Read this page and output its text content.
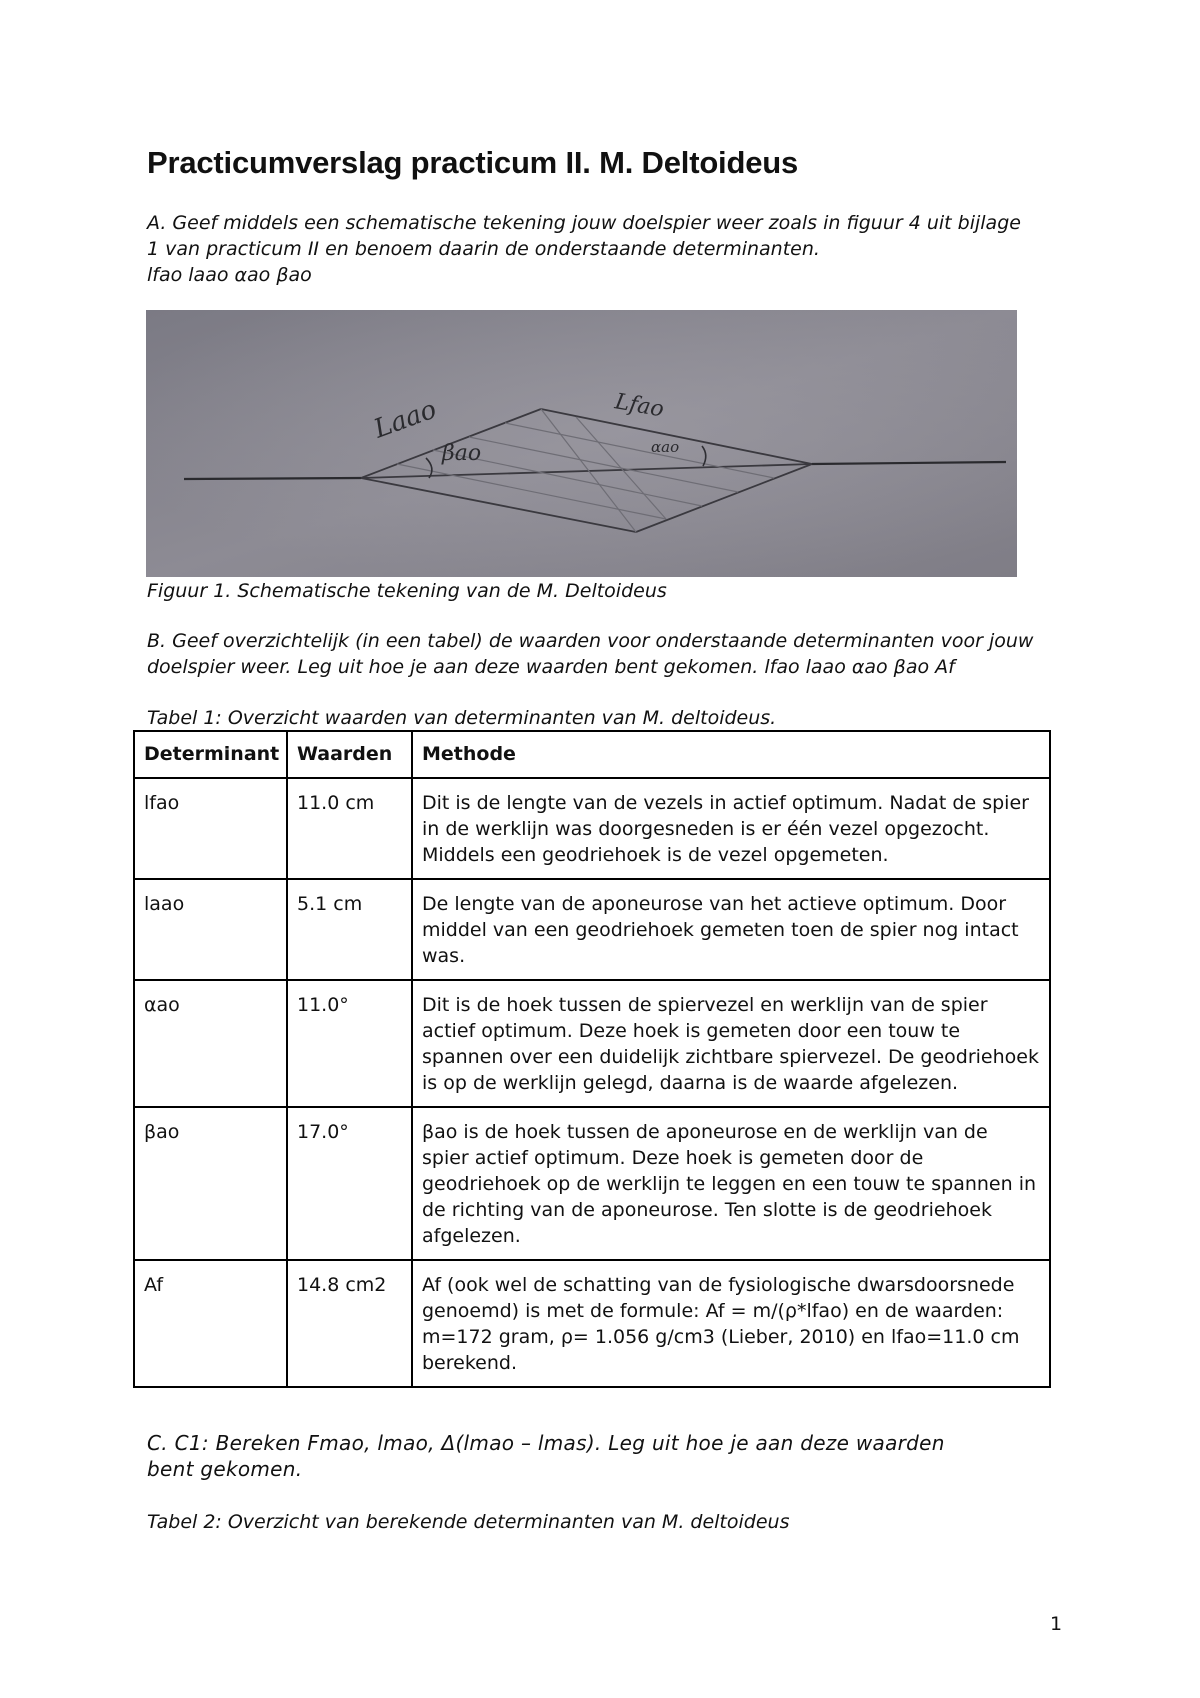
Practicumverslag practicum II. M. Deltoideus
A. Geef middels een schematische tekening jouw doelspier weer zoals in figuur 4 uit bijlage
1 van practicum II en benoem daarin de onderstaande determinanten.
lfao laao αao βao
Laao	Lfao
βao	αao
Figuur 1. Schematische tekening van de M. Deltoideus
B. Geef overzichtelijk (in een tabel) de waarden voor onderstaande determinanten voor jouw
doelspier weer. Leg uit hoe je aan deze waarden bent gekomen. lfao laao αao βao Af
Tabel 1: Overzicht waarden van determinanten van M. deltoideus.
Determinant	Waarden	Methode
lfao	11.0 cm	Dit is de lengte van de vezels in actief optimum. Nadat de spier in de werklijn was doorgesneden is er één vezel opgezocht. Middels een geodriehoek is de vezel opgemeten.
laao	5.1 cm	De lengte van de aponeurose van het actieve optimum. Door middel van een geodriehoek gemeten toen de spier nog intact was.
αao	11.0°	Dit is de hoek tussen de spiervezel en werklijn van de spier actief optimum. Deze hoek is gemeten door een touw te spannen over een duidelijk zichtbare spiervezel. De geodriehoek is op de werklijn gelegd, daarna is de waarde afgelezen.
βao	17.0°	βao is de hoek tussen de aponeurose en de werklijn van de spier actief optimum. Deze hoek is gemeten door de geodriehoek op de werklijn te leggen en een touw te spannen in de richting van de aponeurose. Ten slotte is de geodriehoek afgelezen.
Af	14.8 cm2	Af (ook wel de schatting van de fysiologische dwarsdoorsnede genoemd) is met de formule: Af = m/(ρ*lfao) en de waarden: m=172 gram, ρ= 1.056 g/cm3 (Lieber, 2010) en lfao=11.0 cm berekend.
C. C1: Bereken Fmao, lmao, Δ(lmao – lmas). Leg uit hoe je aan deze waarden
bent gekomen.
Tabel 2: Overzicht van berekende determinanten van M. deltoideus
1
